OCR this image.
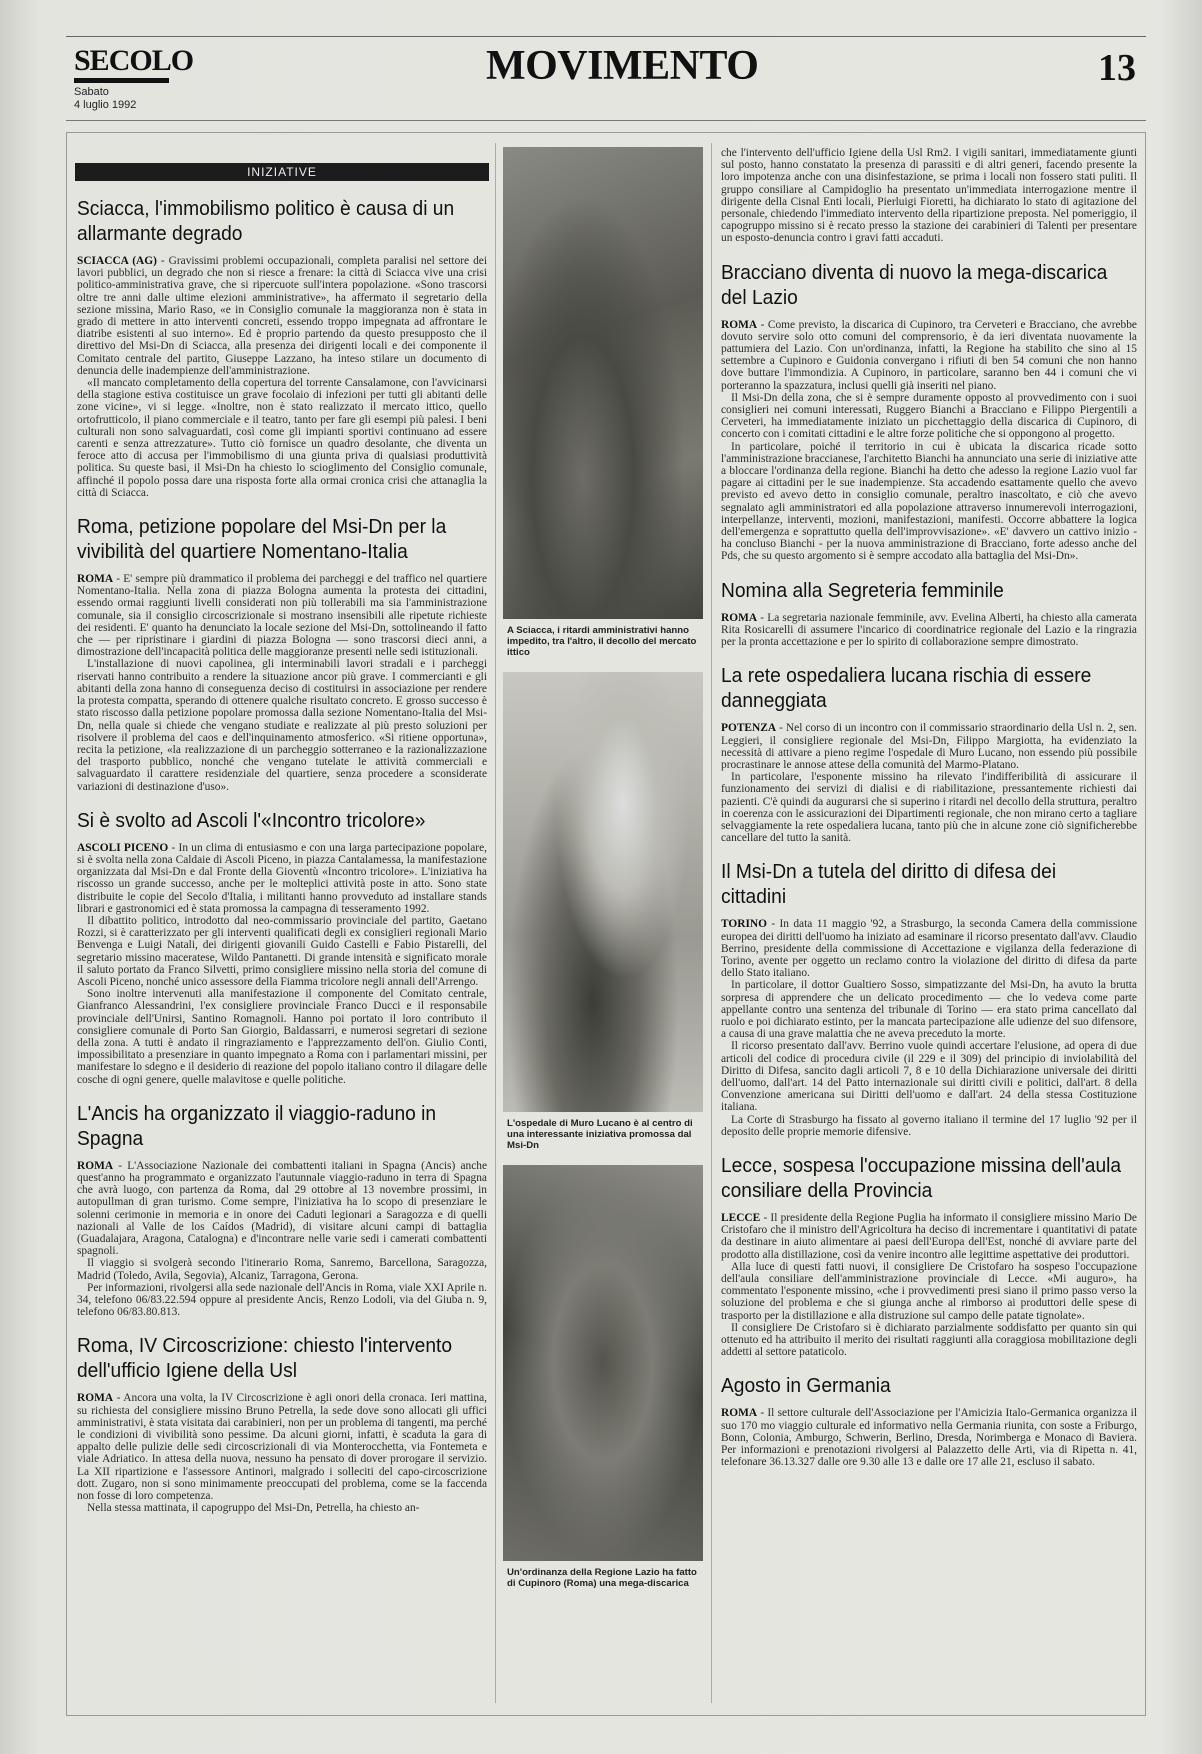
SECOLO
Sabato
4 luglio 1992
MOVIMENTO	13
INIZIATIVE
Sciacca, l'immobilismo politico è causa di un allarmante degrado

SCIACCA (AG) - Gravissimi problemi occupazionali, completa paralisi nel settore dei lavori pubblici, un degrado che non si riesce a frenare: la città di Sciacca vive una crisi politico-amministrativa grave, che si ripercuote sull'intera popolazione. «Sono trascorsi oltre tre anni dalle ultime elezioni amministrative», ha affermato il segretario della sezione missina, Mario Raso, «e in Consiglio comunale la maggioranza non è stata in grado di mettere in atto interventi concreti, essendo troppo impegnata ad affrontare le diatribe esistenti al suo interno». Ed è proprio partendo da questo presupposto che il direttivo del Msi-Dn di Sciacca, alla presenza dei dirigenti locali e dei componente il Comitato centrale del partito, Giuseppe Lazzano, ha inteso stilare un documento di denuncia delle inadempienze dell'amministrazione.

«Il mancato completamento della copertura del torrente Cansalamone, con l'avvicinarsi della stagione estiva costituisce un grave focolaio di infezioni per tutti gli abitanti delle zone vicine», vi si legge. «Inoltre, non è stato realizzato il mercato ittico, quello ortofrutticolo, il piano commerciale e il teatro, tanto per fare gli esempi più palesi. I beni culturali non sono salvaguardati, così come gli impianti sportivi continuano ad essere carenti e senza attrezzature». Tutto ciò fornisce un quadro desolante, che diventa un feroce atto di accusa per l'immobilismo di una giunta priva di qualsiasi produttività politica. Su queste basi, il Msi-Dn ha chiesto lo scioglimento del Consiglio comunale, affinché il popolo possa dare una risposta forte alla ormai cronica crisi che attanaglia la città di Sciacca.

Roma, petizione popolare del Msi-Dn per la vivibilità del quartiere Nomentano-Italia

ROMA - E' sempre più drammatico il problema dei parcheggi e del traffico nel quartiere Nomentano-Italia. Nella zona di piazza Bologna aumenta la protesta dei cittadini, essendo ormai raggiunti livelli considerati non più tollerabili ma sia l'amministrazione comunale, sia il consiglio circoscrizionale si mostrano insensibili alle ripetute richieste dei residenti. E' quanto ha denunciato la locale sezione del Msi-Dn, sottolineando il fatto che — per ripristinare i giardini di piazza Bologna — sono trascorsi dieci anni, a dimostrazione dell'incapacità politica delle maggioranze presenti nelle sedi istituzionali.

L'installazione di nuovi capolinea, gli interminabili lavori stradali e i parcheggi riservati hanno contribuito a rendere la situazione ancor più grave. I commercianti e gli abitanti della zona hanno di conseguenza deciso di costituirsi in associazione per rendere la protesta compatta, sperando di ottenere qualche risultato concreto. E grosso successo è stato riscosso dalla petizione popolare promossa dalla sezione Nomentano-Italia del Msi-Dn, nella quale si chiede che vengano studiate e realizzate al più presto soluzioni per risolvere il problema del caos e dell'inquinamento atmosferico. «Si ritiene opportuna», recita la petizione, «la realizzazione di un parcheggio sotterraneo e la razionalizzazione del trasporto pubblico, nonché che vengano tutelate le attività commerciali e salvaguardato il carattere residenziale del quartiere, senza procedere a sconsiderate variazioni di destinazione d'uso».

Si è svolto ad Ascoli l'«Incontro tricolore»

ASCOLI PICENO - In un clima di entusiasmo e con una larga partecipazione popolare, si è svolta nella zona Caldaie di Ascoli Piceno, in piazza Cantalamessa, la manifestazione organizzata dal Msi-Dn e dal Fronte della Gioventù «Incontro tricolore». L'iniziativa ha riscosso un grande successo, anche per le molteplici attività poste in atto. Sono state distribuite le copie del Secolo d'Italia, i militanti hanno provveduto ad installare stands librari e gastronomici ed è stata promossa la campagna di tesseramento 1992.

Il dibattito politico, introdotto dal neo-commissario provinciale del partito, Gaetano Rozzi, si è caratterizzato per gli interventi qualificati degli ex consiglieri regionali Mario Benvenga e Luigi Natali, dei dirigenti giovanili Guido Castelli e Fabio Pistarelli, del segretario missino maceratese, Wildo Pantanetti. Di grande intensità e significato morale il saluto portato da Franco Silvetti, primo consigliere missino nella storia del comune di Ascoli Piceno, nonché unico assessore della Fiamma tricolore negli annali dell'Arrengo.

Sono inoltre intervenuti alla manifestazione il componente del Comitato centrale, Gianfranco Alessandrini, l'ex consigliere provinciale Franco Ducci e il responsabile provinciale dell'Unirsi, Santino Romagnoli. Hanno poi portato il loro contributo il consigliere comunale di Porto San Giorgio, Baldassarri, e numerosi segretari di sezione della zona. A tutti è andato il ringraziamento e l'apprezzamento dell'on. Giulio Conti, impossibilitato a presenziare in quanto impegnato a Roma con i parlamentari missini, per manifestare lo sdegno e il desiderio di reazione del popolo italiano contro il dilagare delle cosche di ogni genere, quelle malavitose e quelle politiche.

L'Ancis ha organizzato il viaggio-raduno in Spagna

ROMA - L'Associazione Nazionale dei combattenti italiani in Spagna (Ancis) anche quest'anno ha programmato e organizzato l'autunnale viaggio-raduno in terra di Spagna che avrà luogo, con partenza da Roma, dal 29 ottobre al 13 novembre prossimi, in autopullman di gran turismo. Come sempre, l'iniziativa ha lo scopo di presenziare le solenni cerimonie in memoria e in onore dei Caduti legionari a Saragozza e di quelli nazionali al Valle de los Caídos (Madrid), di visitare alcuni campi di battaglia (Guadalajara, Aragona, Catalogna) e d'incontrare nelle varie sedi i camerati combattenti spagnoli.

Il viaggio si svolgerà secondo l'itinerario Roma, Sanremo, Barcellona, Saragozza, Madrid (Toledo, Avila, Segovia), Alcaniz, Tarragona, Gerona.

Per informazioni, rivolgersi alla sede nazionale dell'Ancis in Roma, viale XXI Aprile n. 34, telefono 06/83.22.594 oppure al presidente Ancis, Renzo Lodoli, via del Giuba n. 9, telefono 06/83.80.813.

Roma, IV Circoscrizione: chiesto l'intervento dell'ufficio Igiene della Usl

ROMA - Ancora una volta, la IV Circoscrizione è agli onori della cronaca. Ieri mattina, su richiesta del consigliere missino Bruno Petrella, la sede dove sono allocati gli uffici amministrativi, è stata visitata dai carabinieri, non per un problema di tangenti, ma perché le condizioni di vivibilità sono pessime. Da alcuni giorni, infatti, è scaduta la gara di appalto delle pulizie delle sedi circoscrizionali di via Monterocchetta, via Fontemeta e viale Adriatico. In attesa della nuova, nessuno ha pensato di dover prorogare il servizio. La XII ripartizione e l'assessore Antinori, malgrado i solleciti del capo-circoscrizione dott. Zugaro, non si sono minimamente preoccupati del problema, come se la faccenda non fosse di loro competenza.

Nella stessa mattinata, il capogruppo del Msi-Dn, Petrella, ha chiesto an-

A Sciacca, i ritardi amministrativi hanno impedito, tra l'altro, il decollo del mercato ittico
L'ospedale di Muro Lucano è al centro di una interessante iniziativa promossa dal Msi-Dn
Un'ordinanza della Regione Lazio ha fatto di Cupinoro (Roma) una mega-discarica

che l'intervento dell'ufficio Igiene della Usl Rm2. I vigili sanitari, immediatamente giunti sul posto, hanno constatato la presenza di parassiti e di altri generi, facendo presente la loro impotenza anche con una disinfestazione, se prima i locali non fossero stati puliti. Il gruppo consiliare al Campidoglio ha presentato un'immediata interrogazione mentre il dirigente della Cisnal Enti locali, Pierluigi Fioretti, ha dichiarato lo stato di agitazione del personale, chiedendo l'immediato intervento della ripartizione preposta. Nel pomeriggio, il capogruppo missino si è recato presso la stazione dei carabinieri di Talenti per presentare un esposto-denuncia contro i gravi fatti accaduti.

Bracciano diventa di nuovo la mega-discarica del Lazio

ROMA - Come previsto, la discarica di Cupinoro, tra Cerveteri e Bracciano, che avrebbe dovuto servire solo otto comuni del comprensorio, è da ieri diventata nuovamente la pattumiera del Lazio. Con un'ordinanza, infatti, la Regione ha stabilito che sino al 15 settembre a Cupinoro e Guidonia convergano i rifiuti di ben 54 comuni che non hanno dove buttare l'immondizia. A Cupinoro, in particolare, saranno ben 44 i comuni che vi porteranno la spazzatura, inclusi quelli già inseriti nel piano.

Il Msi-Dn della zona, che si è sempre duramente opposto al provvedimento con i suoi consiglieri nei comuni interessati, Ruggero Bianchi a Bracciano e Filippo Piergentili a Cerveteri, ha immediatamente iniziato un picchettaggio della discarica di Cupinoro, di concerto con i comitati cittadini e le altre forze politiche che si oppongono al progetto.

In particolare, poiché il territorio in cui è ubicata la discarica ricade sotto l'amministrazione braccianese, l'architetto Bianchi ha annunciato una serie di iniziative atte a bloccare l'ordinanza della regione. Bianchi ha detto che adesso la regione Lazio vuol far pagare ai cittadini per le sue inadempienze. Sta accadendo esattamente quello che avevo previsto ed avevo detto in consiglio comunale, peraltro inascoltato, e ciò che avevo segnalato agli amministratori ed alla popolazione attraverso innumerevoli interrogazioni, interpellanze, interventi, mozioni, manifestazioni, manifesti. Occorre abbattere la logica dell'emergenza e soprattutto quella dell'improvvisazione». «E' davvero un cattivo inizio - ha concluso Bianchi - per la nuova amministrazione di Bracciano, forte adesso anche del Pds, che su questo argomento si è sempre accodato alla battaglia del Msi-Dn».

Nomina alla Segreteria femminile

ROMA - La segretaria nazionale femminile, avv. Evelina Alberti, ha chiesto alla camerata Rita Rosicarelli di assumere l'incarico di coordinatrice regionale del Lazio e la ringrazia per la pronta accettazione e per lo spirito di collaborazione sempre dimostrato.

La rete ospedaliera lucana rischia di essere danneggiata

POTENZA - Nel corso di un incontro con il commissario straordinario della Usl n. 2, sen. Leggieri, il consigliere regionale del Msi-Dn, Filippo Margiotta, ha evidenziato la necessità di attivare a pieno regime l'ospedale di Muro Lucano, non essendo più possibile procrastinare le annose attese della comunità del Marmo-Platano.

In particolare, l'esponente missino ha rilevato l'indifferibilità di assicurare il funzionamento dei servizi di dialisi e di riabilitazione, pressantemente richiesti dai pazienti. C'è quindi da augurarsi che si superino i ritardi nel decollo della struttura, peraltro in coerenza con le assicurazioni dei Dipartimenti regionale, che non mirano certo a tagliare selvaggiamente la rete ospedaliera lucana, tanto più che in alcune zone ciò significherebbe cancellare del tutto la sanità.

Il Msi-Dn a tutela del diritto di difesa dei cittadini

TORINO - In data 11 maggio '92, a Strasburgo, la seconda Camera della commissione europea dei diritti dell'uomo ha iniziato ad esaminare il ricorso presentato dall'avv. Claudio Berrino, presidente della commissione di Accettazione e vigilanza della federazione di Torino, avente per oggetto un reclamo contro la violazione del diritto di difesa da parte dello Stato italiano.

In particolare, il dottor Gualtiero Sosso, simpatizzante del Msi-Dn, ha avuto la brutta sorpresa di apprendere che un delicato procedimento — che lo vedeva come parte appellante contro una sentenza del tribunale di Torino — era stato prima cancellato dal ruolo e poi dichiarato estinto, per la mancata partecipazione alle udienze del suo difensore, a causa di una grave malattia che ne aveva preceduto la morte.

Il ricorso presentato dall'avv. Berrino vuole quindi accertare l'elusione, ad opera di due articoli del codice di procedura civile (il 229 e il 309) del principio di inviolabilità del Diritto di Difesa, sancito dagli articoli 7, 8 e 10 della Dichiarazione universale dei diritti dell'uomo, dall'art. 14 del Patto internazionale sui diritti civili e politici, dall'art. 8 della Convenzione americana sui Diritti dell'uomo e dall'art. 24 della stessa Costituzione italiana.

La Corte di Strasburgo ha fissato al governo italiano il termine del 17 luglio '92 per il deposito delle proprie memorie difensive.

Lecce, sospesa l'occupazione missina dell'aula consiliare della Provincia

LECCE - Il presidente della Regione Puglia ha informato il consigliere missino Mario De Cristofaro che il ministro dell'Agricoltura ha deciso di incrementare i quantitativi di patate da destinare in aiuto alimentare ai paesi dell'Europa dell'Est, nonché di avviare parte del prodotto alla distillazione, così da venire incontro alle legittime aspettative dei produttori.

Alla luce di questi fatti nuovi, il consigliere De Cristofaro ha sospeso l'occupazione dell'aula consiliare dell'amministrazione provinciale di Lecce. «Mi auguro», ha commentato l'esponente missino, «che i provvedimenti presi siano il primo passo verso la soluzione del problema e che si giunga anche al rimborso ai produttori delle spese di trasporto per la distillazione e alla distruzione sul campo delle patate tignolate».

Il consigliere De Cristofaro si è dichiarato parzialmente soddisfatto per quanto sin qui ottenuto ed ha attribuito il merito dei risultati raggiunti alla coraggiosa mobilitazione degli addetti al settore pataticolo.

Agosto in Germania

ROMA - Il settore culturale dell'Associazione per l'Amicizia Italo-Germanica organizza il suo 170 mo viaggio culturale ed informativo nella Germania riunita, con soste a Friburgo, Bonn, Colonia, Amburgo, Schwerin, Berlino, Dresda, Norimberga e Monaco di Baviera. Per informazioni e prenotazioni rivolgersi al Palazzetto delle Arti, via di Ripetta n. 41, telefonare 36.13.327 dalle ore 9.30 alle 13 e dalle ore 17 alle 21, escluso il sabato.
